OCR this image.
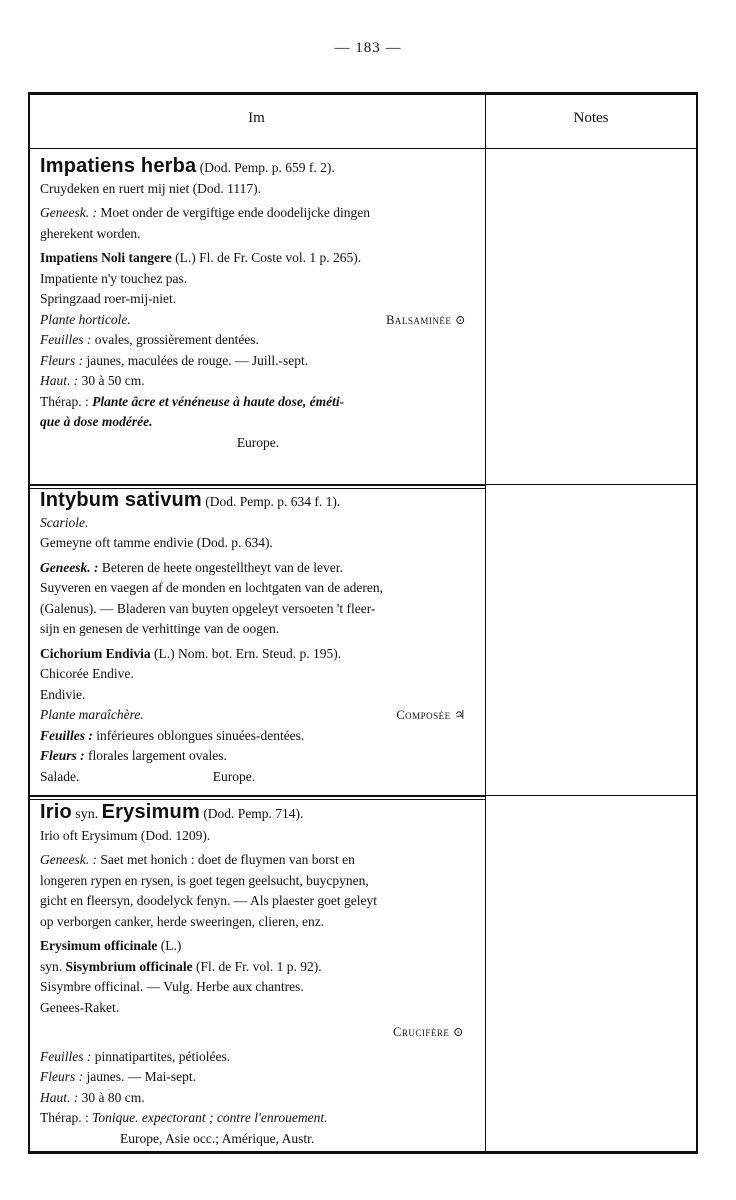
— 183 —
Im	Notes
Impatiens herba (Dod. Pemp. p. 659 f. 2).
Cruydeken en ruert mij niet (Dod. 1117).
Geneesk. : Moet onder de vergiftige ende doodelijcke dingen
gherekent worden.
Impatiens Noli tangere (L.) Fl. de Fr. Coste vol. 1 p. 265).
Impatiente n'y touchez pas.
Springzaad roer-mij-niet.
Plante horticole.	Balsaminée ⊙
Feuilles : ovales, grossièrement dentées.
Fleurs : jaunes, maculées de rouge. — Juill.-sept.
Haut. : 30 à 50 cm.
Thérap. : Plante âcre et vénéneuse à haute dose, éméti-
que à dose modérée.
Europe.
Intybum sativum (Dod. Pemp. p. 634 f. 1).
Scariole.
Gemeyne oft tamme endivie (Dod. p. 634).
Geneesk. : Beteren de heete ongestelltheyt van de lever.
Suyveren en vaegen af de monden en lochtgaten van de aderen,
(Galenus). — Bladeren van buyten opgeleyt versoeten 't fleer-
sijn en genesen de verhittinge van de oogen.
Cichorium Endivia (L.) Nom. bot. Ern. Steud. p. 195).
Chicorée Endive.
Endivie.
Plante maraîchère.	Composée ♃
Feuilles : inférieures oblongues sinuées-dentées.
Fleurs : florales largement ovales.
Salade.	Europe.
Irio syn. Erysimum (Dod. Pemp. 714).
Irio oft Erysimum (Dod. 1209).
Geneesk. : Saet met honich : doet de fluymen van borst en
longeren rypen en rysen, is goet tegen geelsucht, buycpynen,
gicht en fleersyn, doodelyck fenyn. — Als plaester goet geleyt
op verborgen canker, herde sweeringen, clieren, enz.
Erysimum officinale (L.)
syn. Sisymbrium officinale (Fl. de Fr. vol. 1 p. 92).
Sisymbre officinal. — Vulg. Herbe aux chantres.
Genees-Raket.
Crucifère ⊙
Feuilles : pinnatipartites, pétiolées.
Fleurs : jaunes. — Mai-sept.
Haut. : 30 à 80 cm.
Thérap. : Tonique. expectorant ; contre l'enrouement.
Europe, Asie occ.; Amérique, Austr.
